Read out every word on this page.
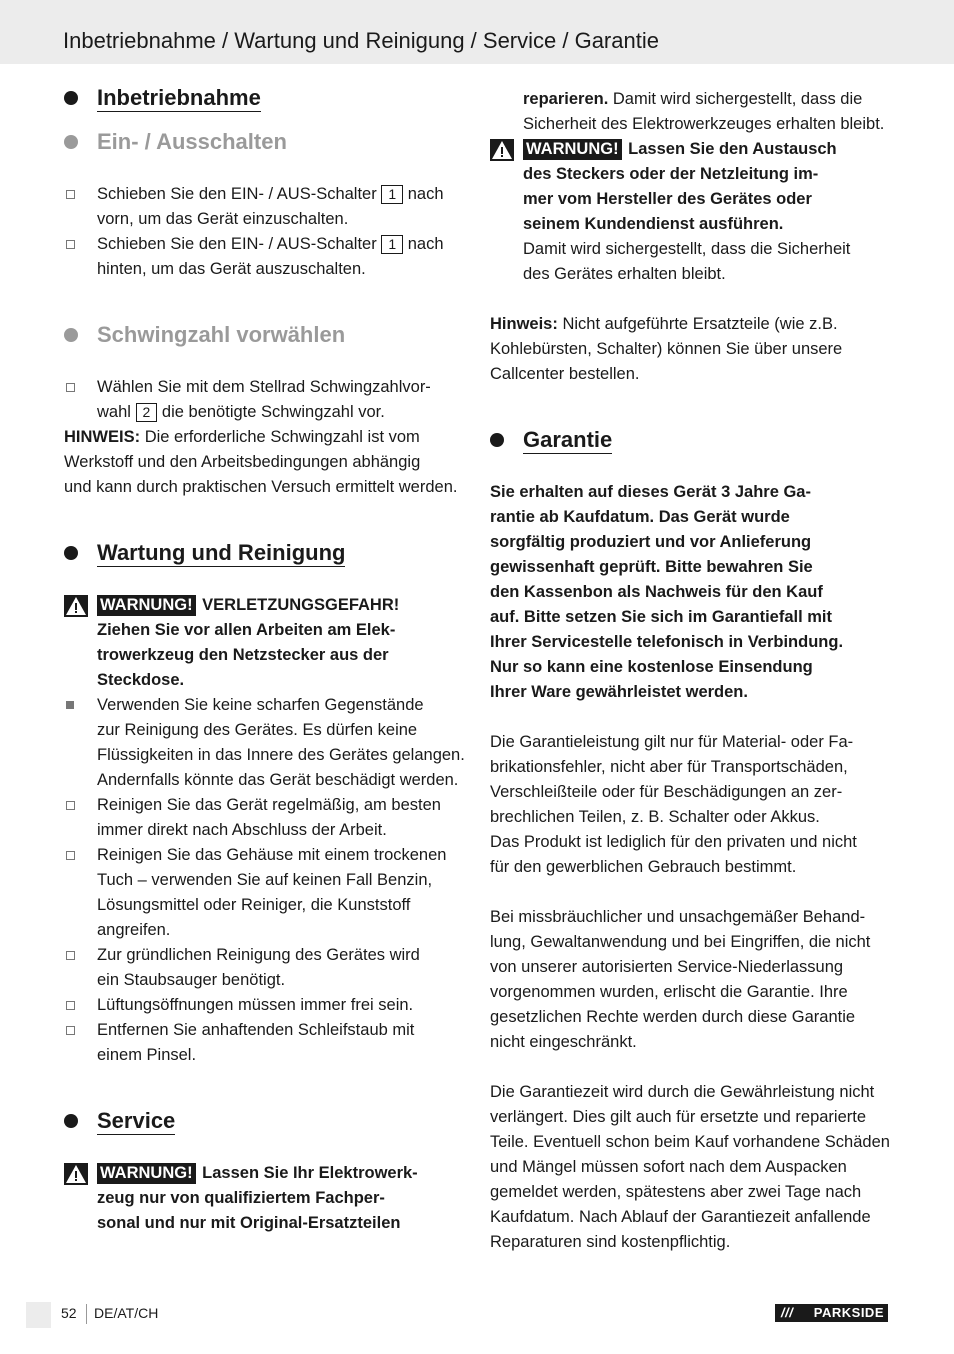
Inbetriebnahme / Wartung und Reinigung / Service / Garantie
Inbetriebnahme
Ein- / Ausschalten
Schieben Sie den EIN- / AUS-Schalter 1 nach
vorn, um das Gerät einzuschalten.
Schieben Sie den EIN- / AUS-Schalter 1 nach
hinten, um das Gerät auszuschalten.
Schwingzahl vorwählen
Wählen Sie mit dem Stellrad Schwingzahlvor-
wahl 2 die benötigte Schwingzahl vor.
HINWEIS: Die erforderliche Schwingzahl ist vom
Werkstoff und den Arbeitsbedingungen abhängig
und kann durch praktischen Versuch ermittelt werden.
Wartung und Reinigung
WARNUNG! VERLETZUNGSGEFAHR!
Ziehen Sie vor allen Arbeiten am Elek-
trowerkzeug den Netzstecker aus der
Steckdose.
Verwenden Sie keine scharfen Gegenstände
zur Reinigung des Gerätes. Es dürfen keine
Flüssigkeiten in das Innere des Gerätes gelangen.
Andernfalls könnte das Gerät beschädigt werden.
Reinigen Sie das Gerät regelmäßig, am besten
immer direkt nach Abschluss der Arbeit.
Reinigen Sie das Gehäuse mit einem trockenen
Tuch – verwenden Sie auf keinen Fall Benzin,
Lösungsmittel oder Reiniger, die Kunststoff
angreifen.
Zur gründlichen Reinigung des Gerätes wird
ein Staubsauger benötigt.
Lüftungsöffnungen müssen immer frei sein.
Entfernen Sie anhaftenden Schleifstaub mit
einem Pinsel.
Service
WARNUNG! Lassen Sie Ihr Elektrowerk-
zeug nur von qualifiziertem Fachper-
sonal und nur mit Original-Ersatzteilen
reparieren. Damit wird sichergestellt, dass die
Sicherheit des Elektrowerkzeuges erhalten bleibt.
WARNUNG! Lassen Sie den Austausch
des Steckers oder der Netzleitung im-
mer vom Hersteller des Gerätes oder
seinem Kundendienst ausführen.
Damit wird sichergestellt, dass die Sicherheit
des Gerätes erhalten bleibt.
Hinweis: Nicht aufgeführte Ersatzteile (wie z.B.
Kohlebürsten, Schalter) können Sie über unsere
Callcenter bestellen.
Garantie
Sie erhalten auf dieses Gerät 3 Jahre Ga-
rantie ab Kaufdatum. Das Gerät wurde
sorgfältig produziert und vor Anlieferung
gewissenhaft geprüft. Bitte bewahren Sie
den Kassenbon als Nachweis für den Kauf
auf. Bitte setzen Sie sich im Garantiefall mit
Ihrer Servicestelle telefonisch in Verbindung.
Nur so kann eine kostenlose Einsendung
Ihrer Ware gewährleistet werden.
Die Garantieleistung gilt nur für Material- oder Fa-
brikationsfehler, nicht aber für Transportschäden,
Verschleißteile oder für Beschädigungen an zer-
brechlichen Teilen, z. B. Schalter oder Akkus.
Das Produkt ist lediglich für den privaten und nicht
für den gewerblichen Gebrauch bestimmt.
Bei missbräuchlicher und unsachgemäßer Behand-
lung, Gewaltanwendung und bei Eingriffen, die nicht
von unserer autorisierten Service-Niederlassung
vorgenommen wurden, erlischt die Garantie. Ihre
gesetzlichen Rechte werden durch diese Garantie
nicht eingeschränkt.
Die Garantiezeit wird durch die Gewährleistung nicht
verlängert. Dies gilt auch für ersetzte und reparierte
Teile. Eventuell schon beim Kauf vorhandene Schäden
und Mängel müssen sofort nach dem Auspacken
gemeldet werden, spätestens aber zwei Tage nach
Kaufdatum. Nach Ablauf der Garantiezeit anfallende
Reparaturen sind kostenpflichtig.
52 DE/AT/CH	/// PARKSIDE
